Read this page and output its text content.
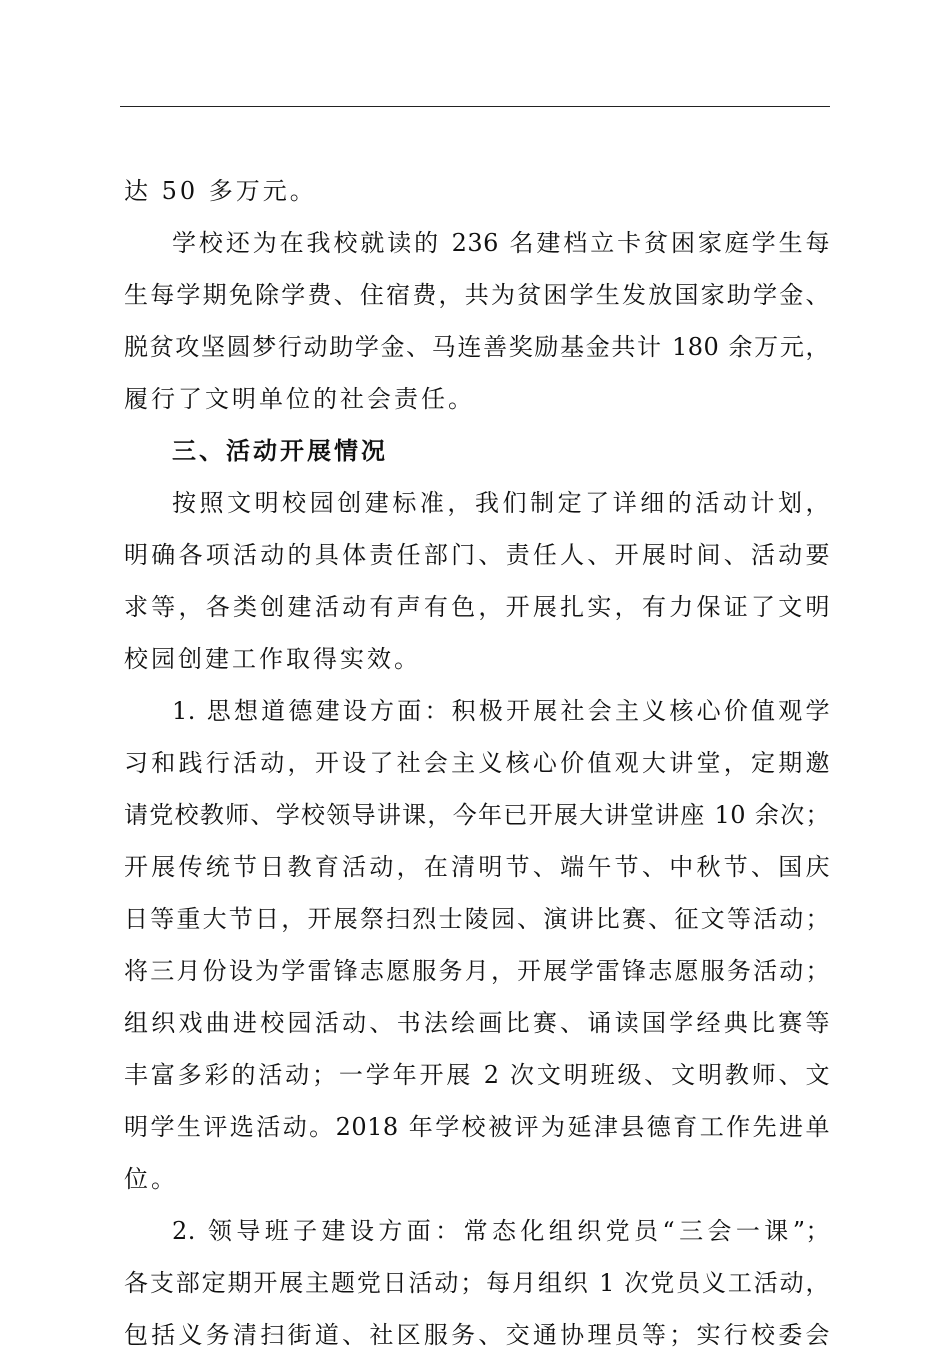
达 50 多万元。
学校还为在我校就读的 236 名建档立卡贫困家庭学生每
生每学期免除学费、住宿费，共为贫困学生发放国家助学金、
脱贫攻坚圆梦行动助学金、马连善奖励基金共计 180 余万元，
履行了文明单位的社会责任。
三、活动开展情况
按照文明校园创建标准，我们制定了详细的活动计划，
明确各项活动的具体责任部门、责任人、开展时间、活动要
求等，各类创建活动有声有色，开展扎实，有力保证了文明
校园创建工作取得实效。
1. 思想道德建设方面：积极开展社会主义核心价值观学
习和践行活动，开设了社会主义核心价值观大讲堂，定期邀
请党校教师、学校领导讲课，今年已开展大讲堂讲座 10 余次；
开展传统节日教育活动，在清明节、端午节、中秋节、国庆
日等重大节日，开展祭扫烈士陵园、演讲比赛、征文等活动；
将三月份设为学雷锋志愿服务月，开展学雷锋志愿服务活动；
组织戏曲进校园活动、书法绘画比赛、诵读国学经典比赛等
丰富多彩的活动；一学年开展 2 次文明班级、文明教师、文
明学生评选活动。2018 年学校被评为延津县德育工作先进单
位。
2. 领导班子建设方面：常态化组织党员“三会一课”；
各支部定期开展主题党日活动；每月组织 1 次党员义工活动，
包括义务清扫街道、社区服务、交通协理员等；实行校委会
